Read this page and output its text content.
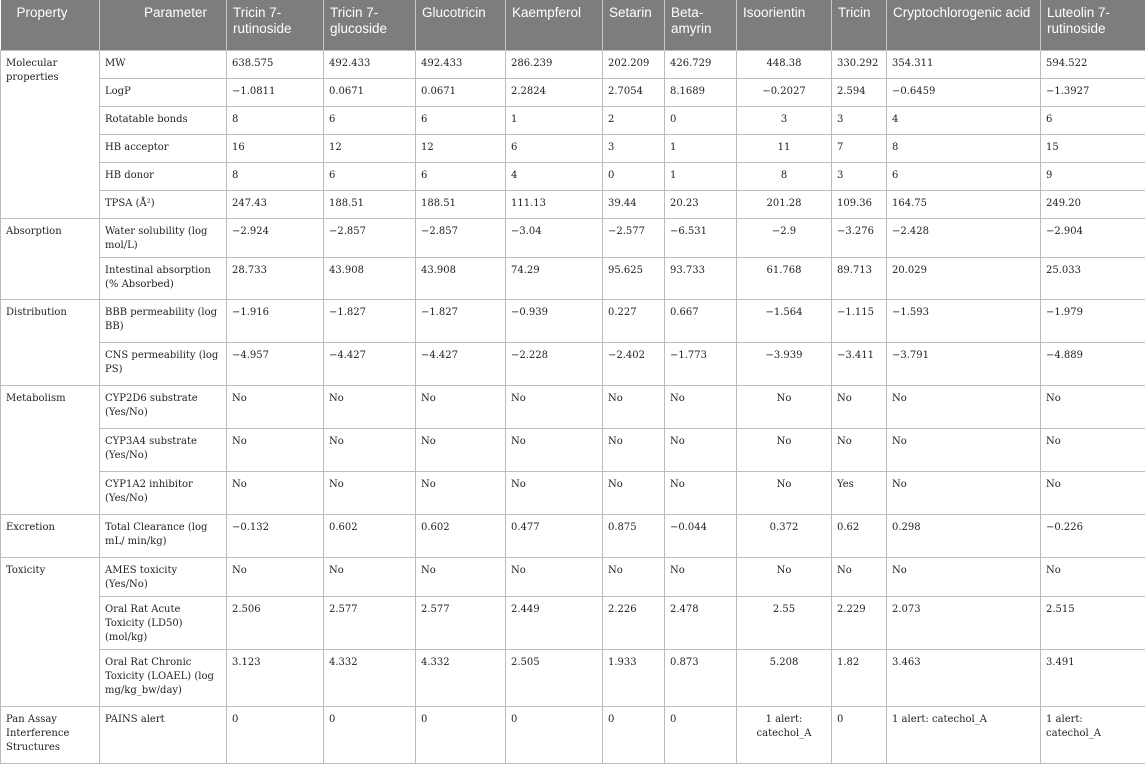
Property	Parameter	Tricin 7-rutinoside	Tricin 7-glucoside	Glucotricin	Kaempferol	Setarin	Beta-amyrin	Isoorientin	Tricin	Cryptochlorogenic acid	Luteolin 7-rutinoside
Molecular properties	MW	638.575	492.433	492.433	286.239	202.209	426.729	448.38	330.292	354.311	594.522
	LogP	−1.0811	0.0671	0.0671	2.2824	2.7054	8.1689	−0.2027	2.594	−0.6459	−1.3927
	Rotatable bonds	8	6	6	1	2	0	3	3	4	6
	HB acceptor	16	12	12	6	3	1	11	7	8	15
	HB donor	8	6	6	4	0	1	8	3	6	9
	TPSA (Å²)	247.43	188.51	188.51	111.13	39.44	20.23	201.28	109.36	164.75	249.20
Absorption	Water solubility (log mol/L)	−2.924	−2.857	−2.857	−3.04	−2.577	−6.531	−2.9	−3.276	−2.428	−2.904
	Intestinal absorption (% Absorbed)	28.733	43.908	43.908	74.29	95.625	93.733	61.768	89.713	20.029	25.033
Distribution	BBB permeability (log BB)	−1.916	−1.827	−1.827	−0.939	0.227	0.667	−1.564	−1.115	−1.593	−1.979
	CNS permeability (log PS)	−4.957	−4.427	−4.427	−2.228	−2.402	−1.773	−3.939	−3.411	−3.791	−4.889
Metabolism	CYP2D6 substrate (Yes/No)	No	No	No	No	No	No	No	No	No	No
	CYP3A4 substrate (Yes/No)	No	No	No	No	No	No	No	No	No	No
	CYP1A2 inhibitor (Yes/No)	No	No	No	No	No	No	No	Yes	No	No
Excretion	Total Clearance (log mL/ min/kg)	−0.132	0.602	0.602	0.477	0.875	−0.044	0.372	0.62	0.298	−0.226
Toxicity	AMES toxicity (Yes/No)	No	No	No	No	No	No	No	No	No	No
	Oral Rat Acute Toxicity (LD50) (mol/kg)	2.506	2.577	2.577	2.449	2.226	2.478	2.55	2.229	2.073	2.515
	Oral Rat Chronic Toxicity (LOAEL) (log mg/kg_bw/day)	3.123	4.332	4.332	2.505	1.933	0.873	5.208	1.82	3.463	3.491
Pan Assay Interference Structures	PAINS alert	0	0	0	0	0	0	1 alert: catechol_A	0	1 alert: catechol_A	1 alert: catechol_A
